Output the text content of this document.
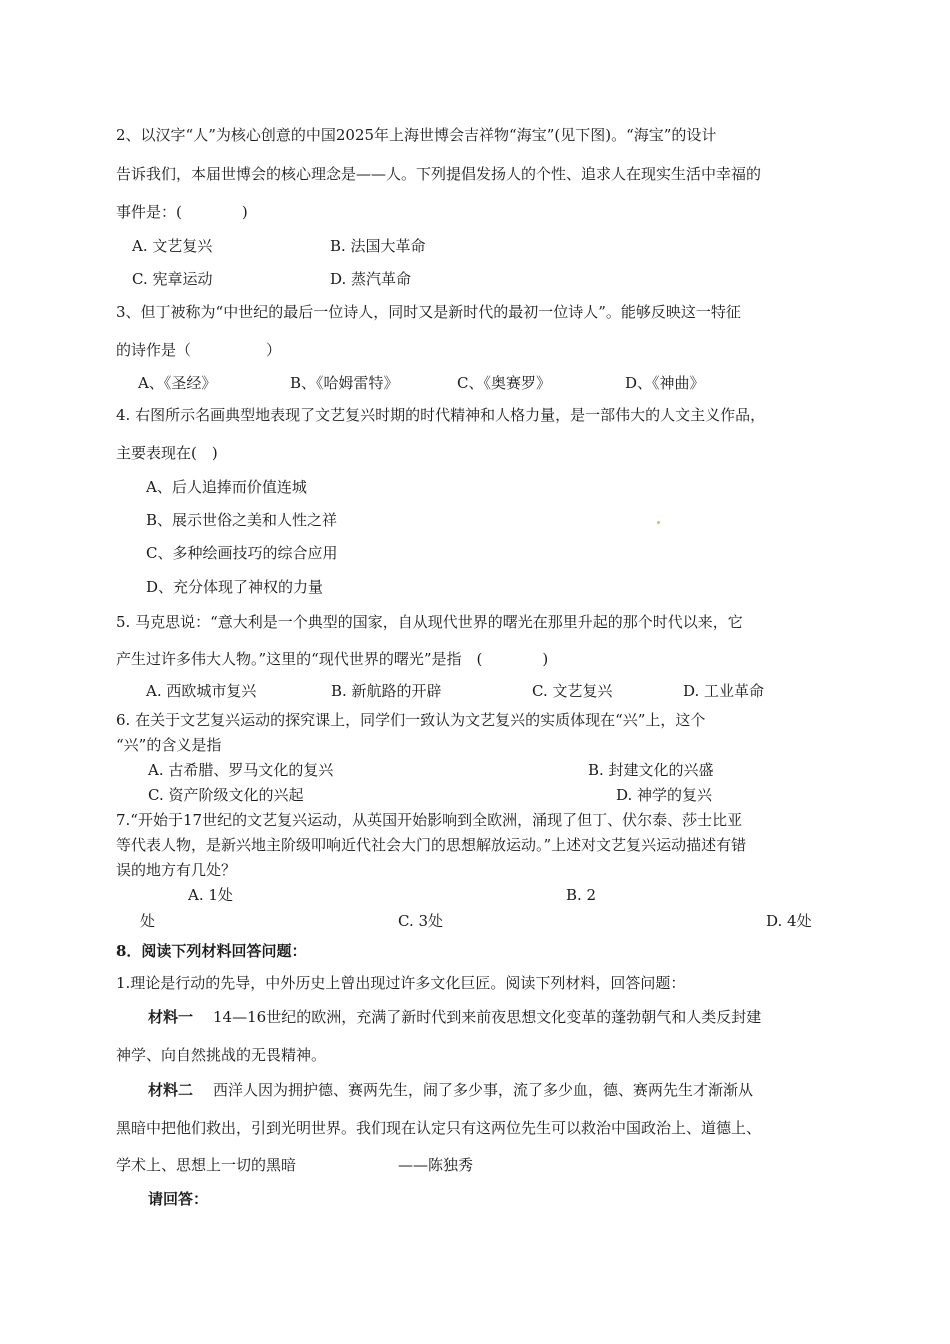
2、以汉字“人”为核心创意的中国2025年上海世博会吉祥物“海宝”(见下图)。“海宝”的设计
告诉我们，本届世博会的核心理念是——人。下列提倡发扬人的个性、追求人在现实生活中幸福的
事件是：(　　　　)
A. 文艺复兴	B. 法国大革命
C. 宪章运动	D. 蒸汽革命
3、但丁被称为“中世纪的最后一位诗人，同时又是新时代的最初一位诗人”。能够反映这一特征
的诗作是（　　　　　）
A、《圣经》	B、《哈姆雷特》	C、《奥赛罗》	D、《神曲》
4. 右图所示名画典型地表现了文艺复兴时期的时代精神和人格力量，是一部伟大的人文主义作品，
主要表现在(　)
A、后人追捧而价值连城
B、展示世俗之美和人性之祥
C、多种绘画技巧的综合应用
D、充分体现了神权的力量
5. 马克思说：“意大利是一个典型的国家，自从现代世界的曙光在那里升起的那个时代以来，它
产生过许多伟大人物。”这里的“现代世界的曙光”是指　(　　　　)
A. 西欧城市复兴	B. 新航路的开辟	C. 文艺复兴	D. 工业革命
6. 在关于文艺复兴运动的探究课上，同学们一致认为文艺复兴的实质体现在“兴”上，这个
“兴”的含义是指
A. 古希腊、罗马文化的复兴	B. 封建文化的兴盛
C. 资产阶级文化的兴起	D. 神学的复兴
7.“开始于17世纪的文艺复兴运动，从英国开始影响到全欧洲，涌现了但丁、伏尔泰、莎士比亚
等代表人物，是新兴地主阶级叩响近代社会大门的思想解放运动。”上述对文艺复兴运动描述有错
误的地方有几处？
A. 1处	B. 2
处	C. 3处	D. 4处
8．阅读下列材料回答问题：
1.理论是行动的先导，中外历史上曾出现过许多文化巨匠。阅读下列材料，回答问题：
材料一 14—16世纪的欧洲，充满了新时代到来前夜思想文化变革的蓬勃朝气和人类反封建
神学、向自然挑战的无畏精神。
材料二 西洋人因为拥护德、赛两先生，闹了多少事，流了多少血，德、赛两先生才渐渐从
黑暗中把他们救出，引到光明世界。我们现在认定只有这两位先生可以救治中国政治上、道德上、
学术上、思想上一切的黑暗	——陈独秀
请回答：
